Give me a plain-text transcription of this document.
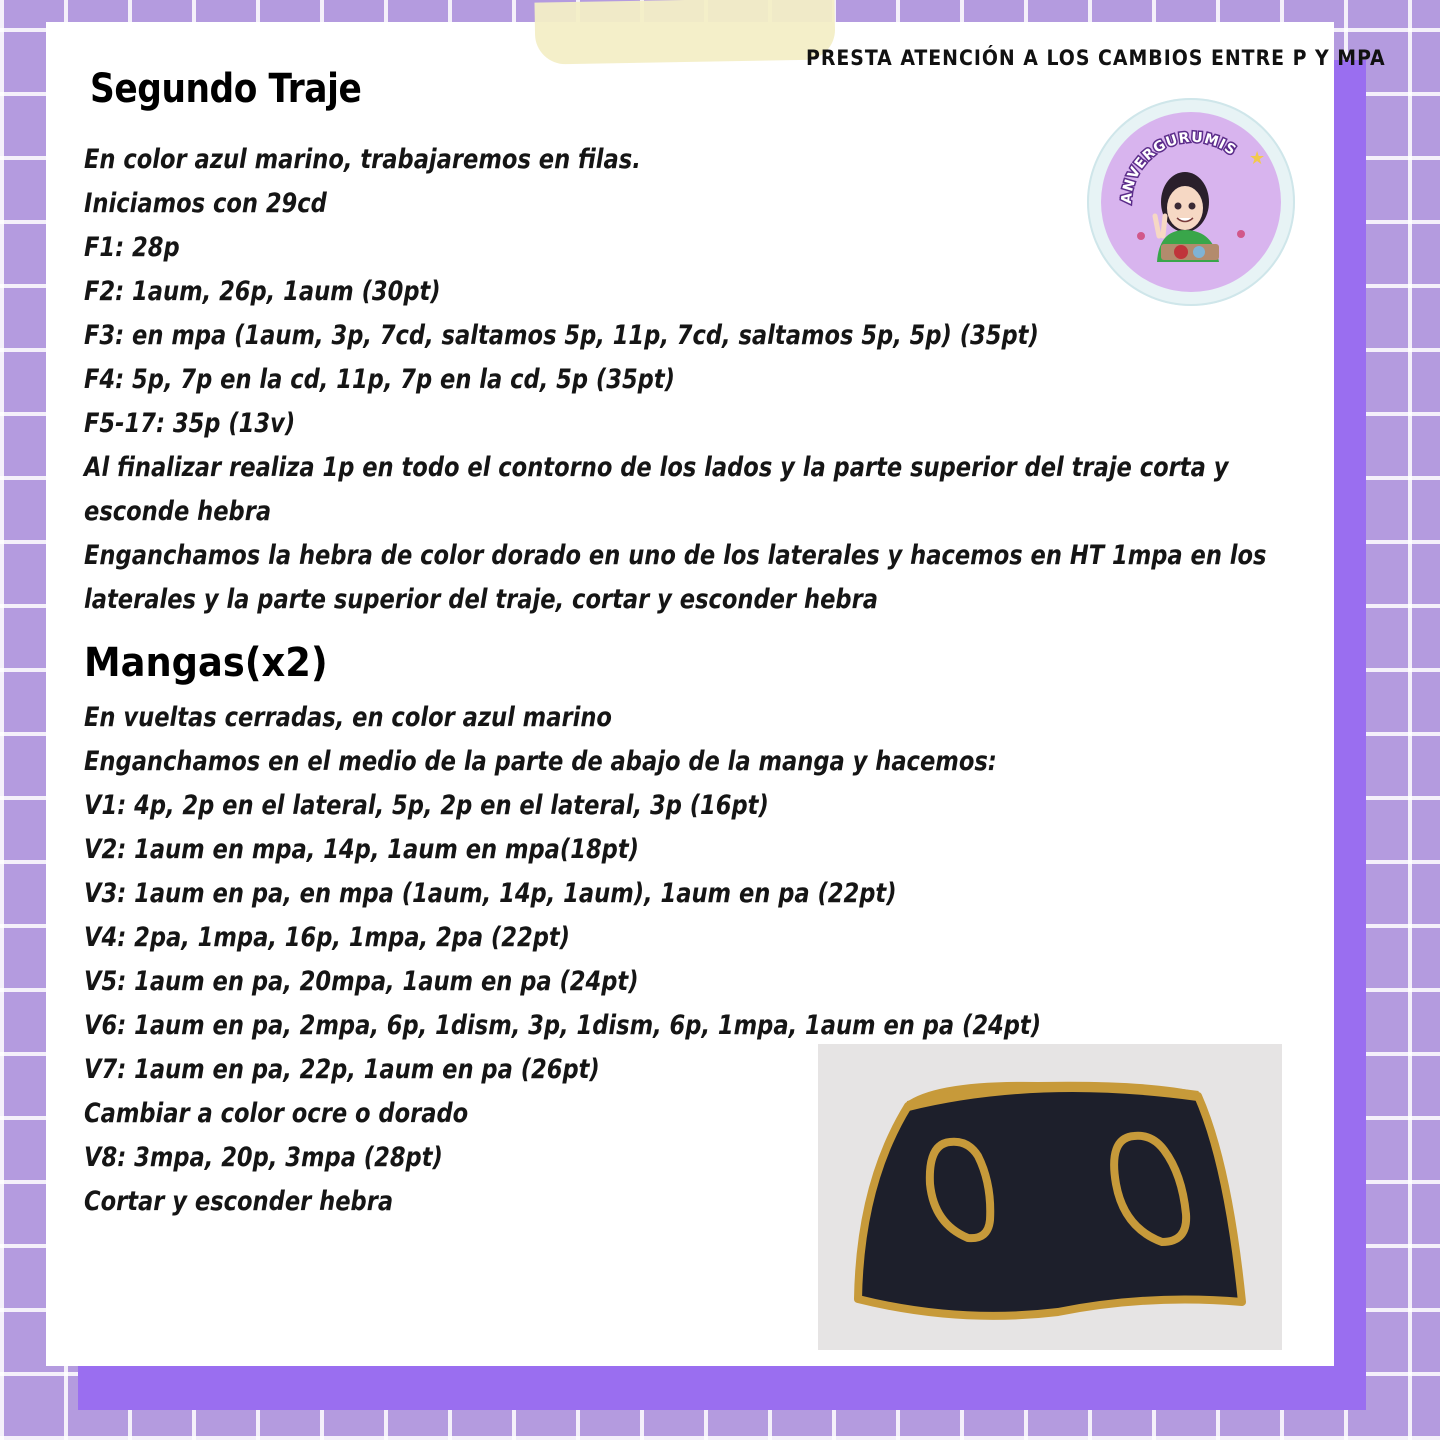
PRESTA ATENCIÓN A LOS CAMBIOS ENTRE P Y MPA
Segundo Traje
En color azul marino, trabajaremos en filas.
Iniciamos con 29cd
F1: 28p
F2: 1aum, 26p, 1aum (30pt)
F3: en mpa (1aum, 3p, 7cd, saltamos 5p, 11p, 7cd, saltamos 5p, 5p) (35pt)
F4: 5p, 7p en la cd, 11p, 7p en la cd, 5p (35pt)
F5-17: 35p (13v)
Al finalizar realiza 1p en todo el contorno de los lados y la parte superior del traje corta y
esconde hebra
Enganchamos la hebra de color dorado en uno de los laterales y hacemos en HT 1mpa en los
laterales y la parte superior del traje, cortar y esconder hebra
Mangas(x2)
En vueltas cerradas, en color azul marino
Enganchamos en el medio de la parte de abajo de la manga y hacemos:
V1: 4p, 2p en el lateral, 5p, 2p en el lateral, 3p (16pt)
V2: 1aum en mpa, 14p, 1aum en mpa(18pt)
V3: 1aum en pa, en mpa (1aum, 14p, 1aum), 1aum en pa (22pt)
V4: 2pa, 1mpa, 16p, 1mpa, 2pa (22pt)
V5: 1aum en pa, 20mpa, 1aum en pa (24pt)
V6: 1aum en pa, 2mpa, 6p, 1dism, 3p, 1dism, 6p, 1mpa, 1aum en pa (24pt)
V7: 1aum en pa, 22p, 1aum en pa (26pt)
Cambiar a color ocre o dorado
V8: 3mpa, 20p, 3mpa (28pt)
Cortar y esconder hebra
ANVERGURUMIS ★
